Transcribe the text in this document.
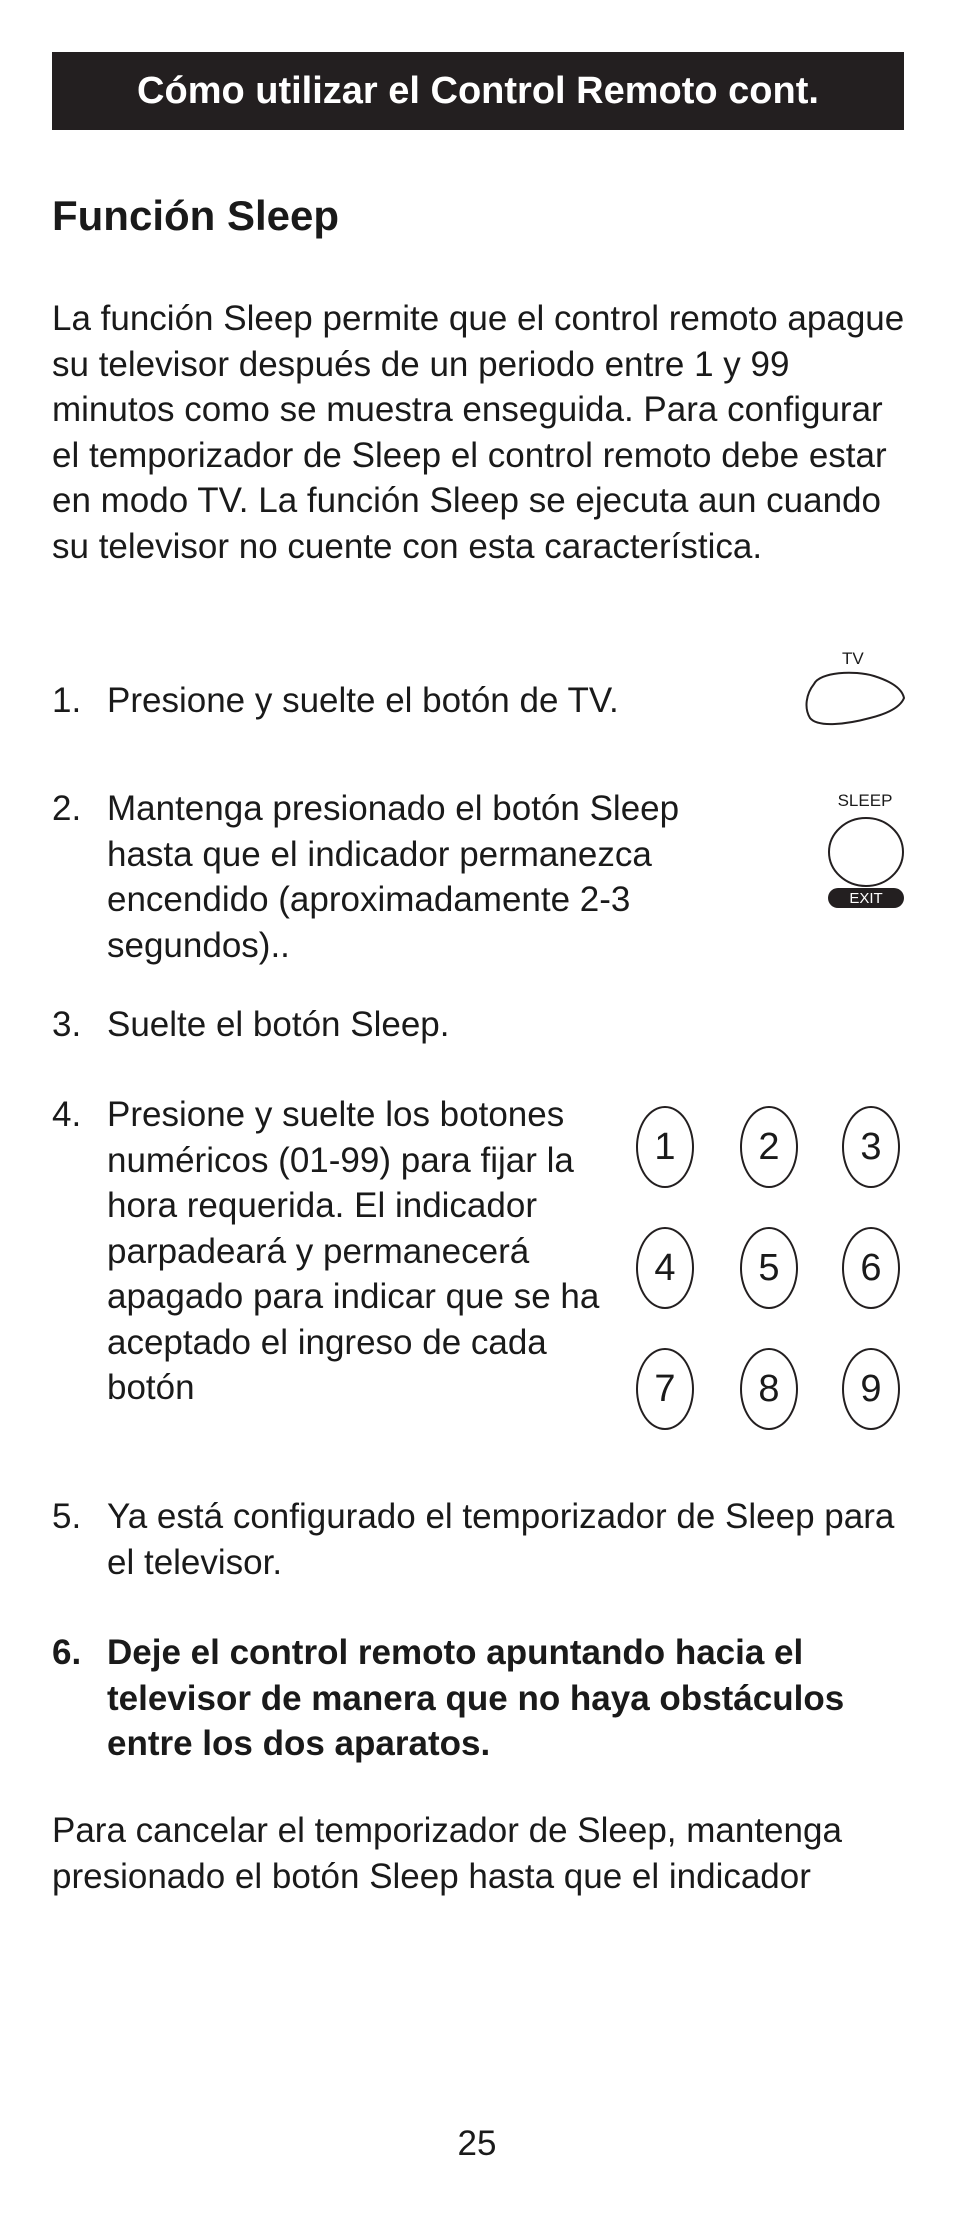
Cómo utilizar el Control Remoto cont.
Función Sleep
La función Sleep permite que el control remoto apague su televisor después de un periodo entre 1 y 99 minutos como se muestra enseguida. Para configurar el temporizador de Sleep el control remoto debe estar en modo TV. La función Sleep se ejecuta aun cuando su televisor no cuente con esta característica.
1. Presione y suelte el botón de TV.
2. Mantenga presionado el botón Sleep hasta que el indicador permanezca encendido (aproximadamente 2-3 segundos)..
3. Suelte el botón Sleep.
4. Presione y suelte los botones numéricos (01-99) para fijar la hora requerida. El indicador parpadeará y permanecerá apagado para indicar que se ha aceptado el ingreso de cada botón
5. Ya está configurado el temporizador de Sleep para el televisor.
6. Deje el control remoto apuntando hacia el televisor de manera que no haya obstáculos entre los dos aparatos.
Para cancelar el temporizador de Sleep, mantenga presionado el botón Sleep hasta que el indicador
25
TV
SLEEP
EXIT
1	2	3
4	5	6
7	8	9
